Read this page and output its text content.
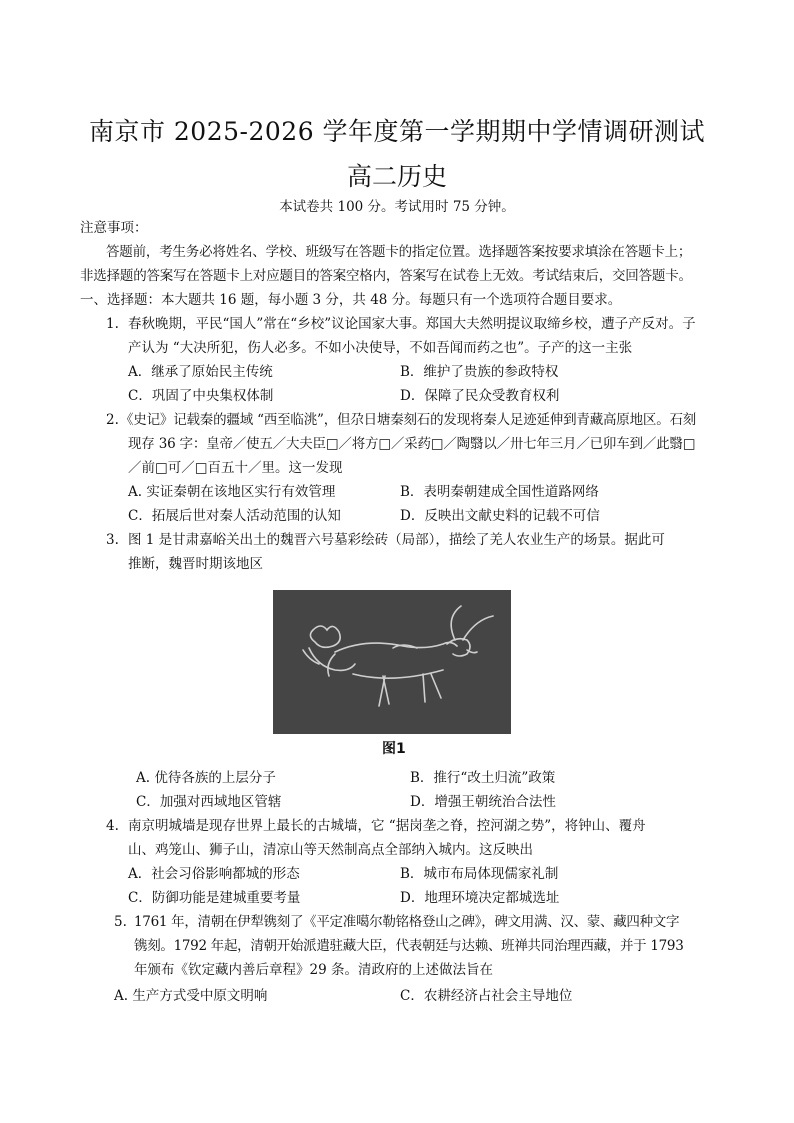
南京市 2025-2026 学年度第一学期期中学情调研测试
高二历史
本试卷共 100 分。考试用时 75 分钟。
注意事项：
答题前，考生务必将姓名、学校、班级写在答题卡的指定位置。选择题答案按要求填涂在答题卡上；
非选择题的答案写在答题卡上对应题目的答案空格内，答案写在试卷上无效。考试结束后，交回答题卡。
一、选择题：本大题共 16 题，每小题 3 分，共 48 分。每题只有一个选项符合题目要求。
1. 春秋晚期，平民“国人”常在“乡校”议论国家大事。郑国大夫然明提议取缔乡校，遭子产反对。子
产认为 “大决所犯，伤人必多。不如小决使导，不如吾闻而药之也”。子产的这一主张
A．继承了原始民主传统	B．维护了贵族的参政特权
C．巩固了中央集权体制	D．保障了民众受教育权利
2. 《史记》记载秦的疆域 “西至临洮”，但尕日塘秦刻石的发现将秦人足迹延伸到青藏高原地区。石刻
现存 36 字：皇帝／使五／大夫臣□／将方□／采药□／陶翳以／卅七年三月／已卯车到／此翳□
／前□可／□百五十／里。这一发现
A. 实证秦朝在该地区实行有效管理	B．表明秦朝建成全国性道路网络
C．拓展后世对秦人活动范围的认知	D．反映出文献史料的记载不可信
3. 图 1 是甘肃嘉峪关出土的魏晋六号墓彩绘砖（局部），描绘了羌人农业生产的场景。据此可
推断，魏晋时期该地区
图1
A. 优待各族的上层分子	B．推行“改土归流”政策
C．加强对西域地区管辖	D．增强王朝统治合法性
4. 南京明城墙是现存世界上最长的古城墙，它 “据岗垄之脊，控河湖之势”，将钟山、覆舟
山、鸡笼山、狮子山，清凉山等天然制高点全部纳入城内。这反映出
A．社会习俗影响都城的形态	B．城市布局体现儒家礼制
C．防御功能是建城重要考量	D．地理环境决定都城选址
5. 1761 年，清朝在伊犁镌刻了《平定准噶尔勒铭格登山之碑》，碑文用满、汉、蒙、藏四种文字
镌刻。1792 年起，清朝开始派遣驻藏大臣，代表朝廷与达赖、班禅共同治理西藏，并于 1793
年颁布《钦定藏内善后章程》29 条。清政府的上述做法旨在
A. 生产方式受中原文明响	C．农耕经济占社会主导地位
